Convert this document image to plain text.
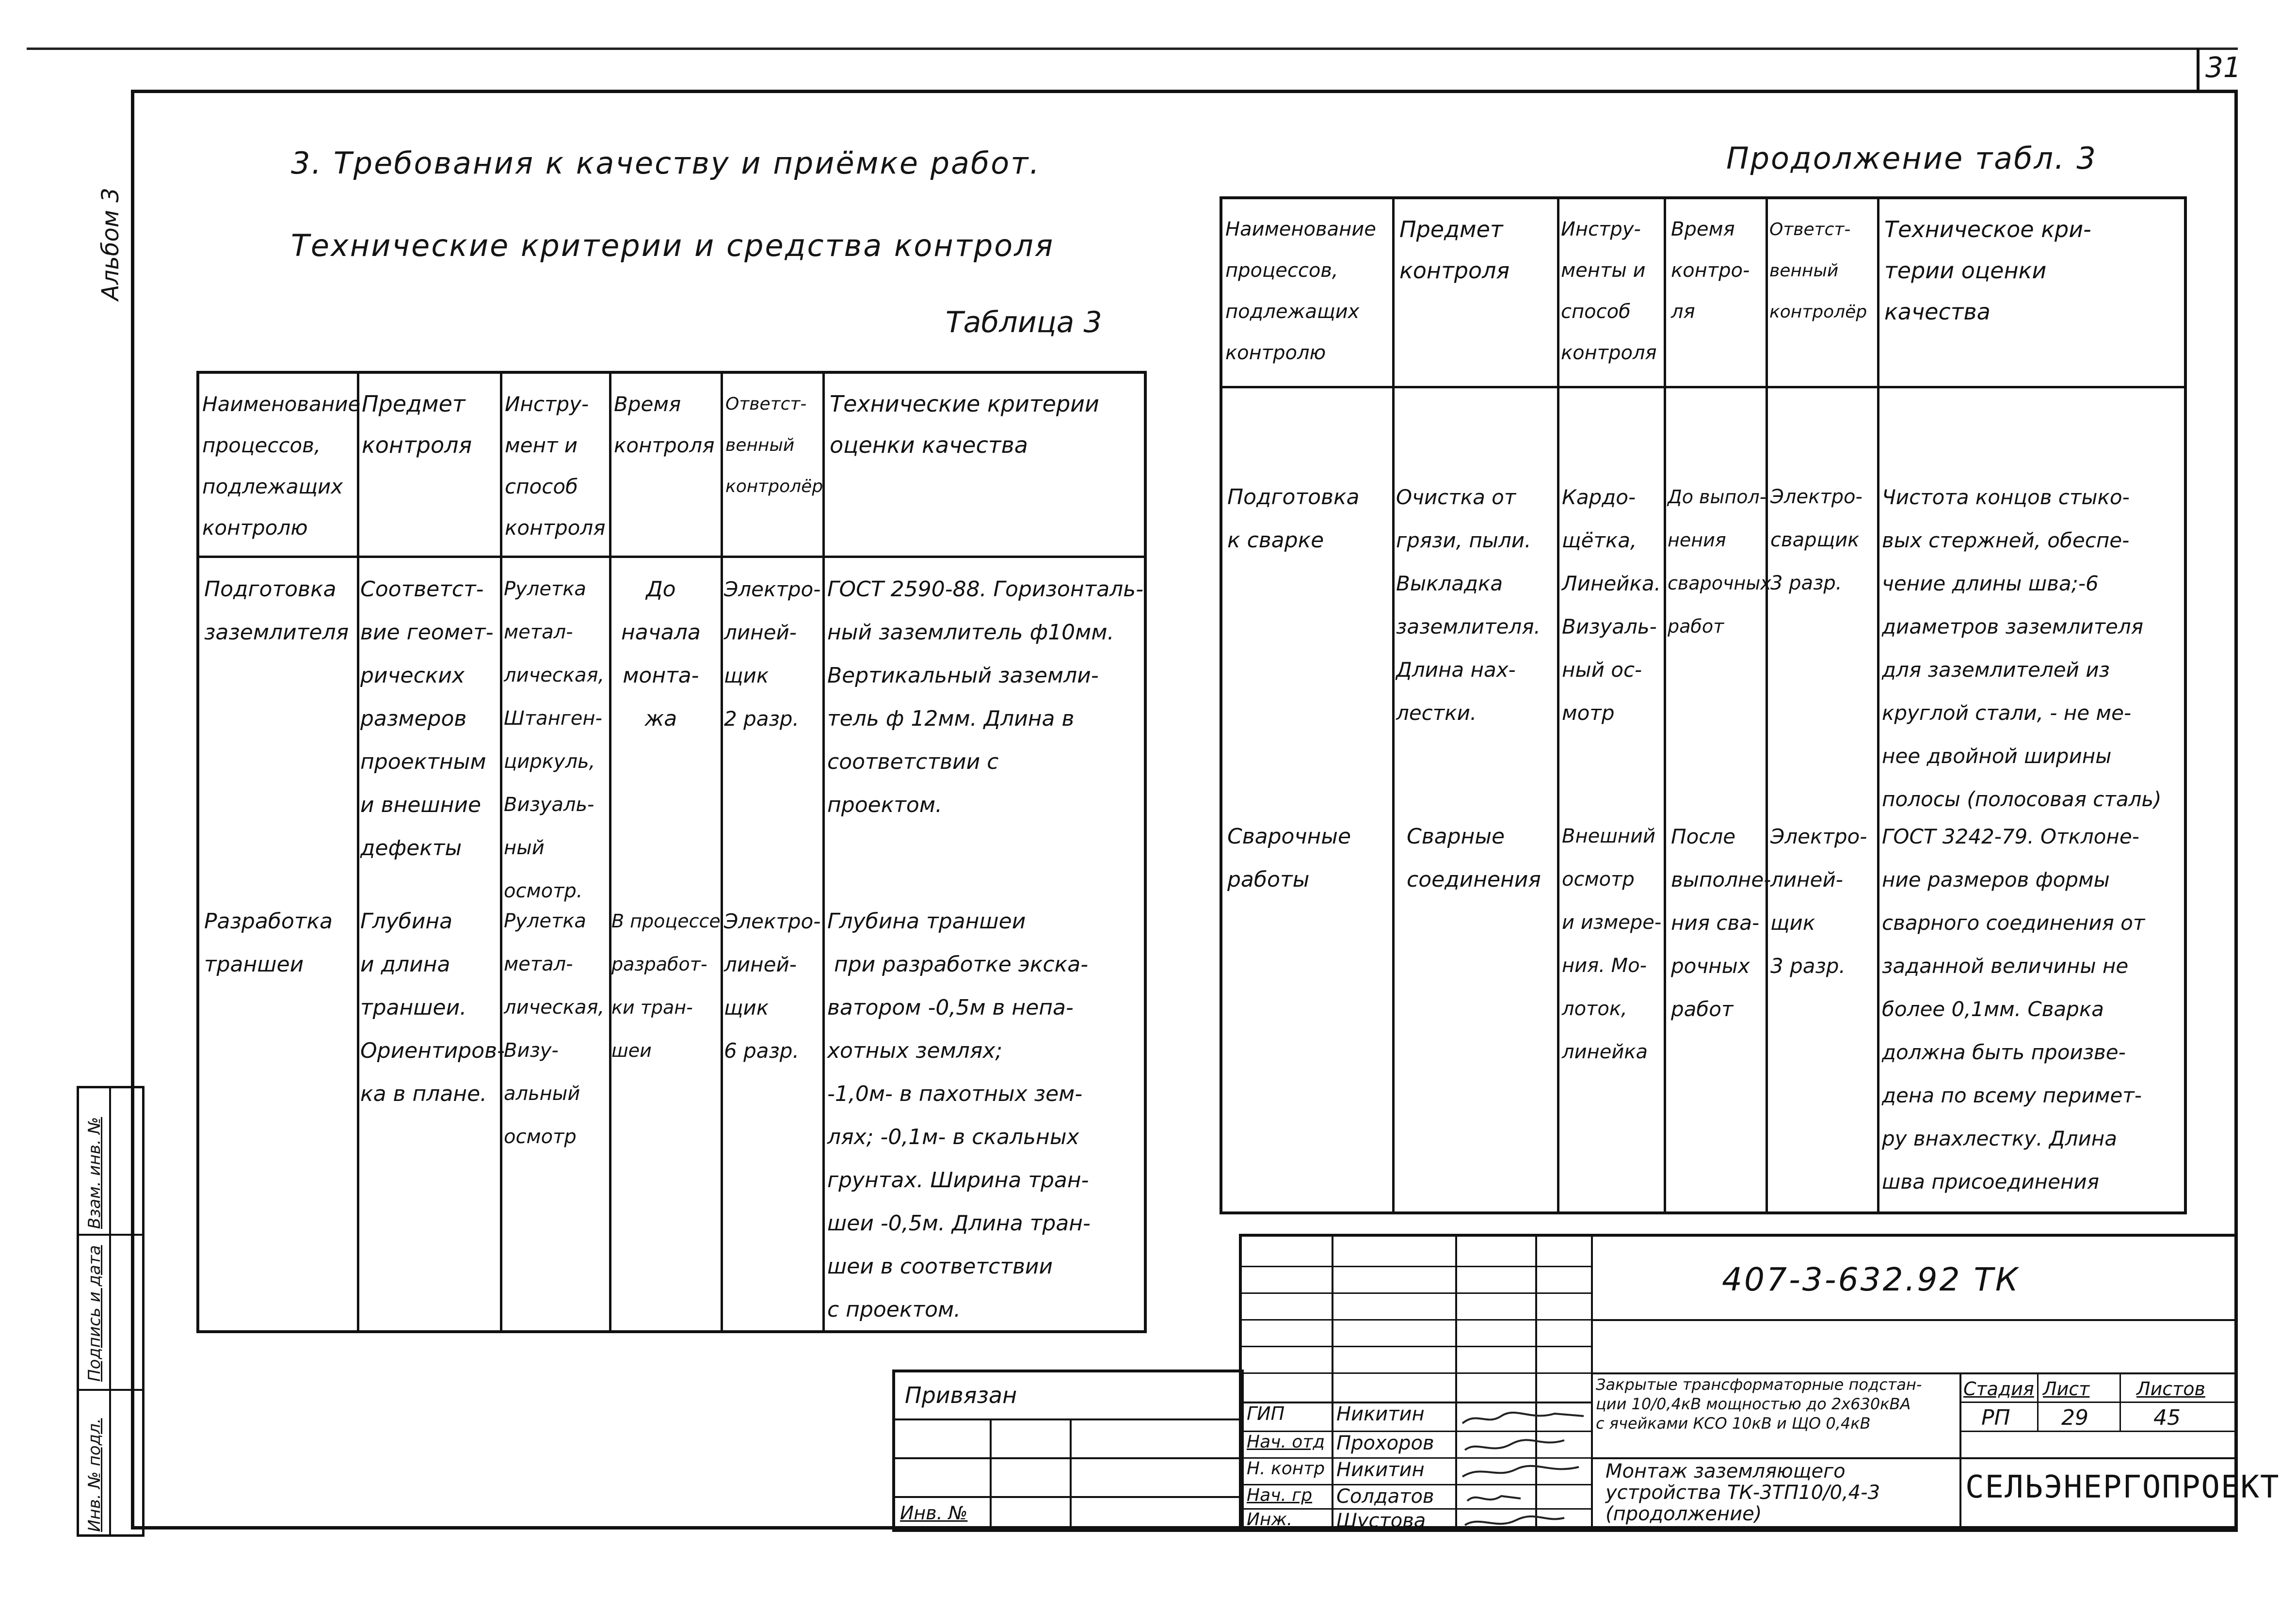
31
Альбом 3
Инв. № подл.
Подпись и дата
Взам. инв. №
3. Требования к качеству и приёмке работ.
Технические критерии и средства контроля
Таблица 3
Продолжение табл. 3
Наименование
процессов,
подлежащих
контролю
Предмет
контроля
Инстру-
мент и
способ
контроля
Время
контроля
Ответст-
венный
контролёр
Технические критерии
оценки качества
Подготовка
заземлителя
Соответст-
вие геомет-
рических
размеров
проектным
и внешние
дефекты
Рулетка
метал-
лическая,
Штанген-
циркуль,
Визуаль-
ный
осмотр.
До
начала
монта-
жа
Электро-
линей-
щик
2 разр.
ГОСТ 2590-88. Горизонталь-
ный заземлитель ф10мм.
Вертикальный заземли-
тель ф 12мм. Длина в
соответствии с
проектом.
Разработка
траншеи
Глубина
и длина
траншеи.
Ориентиров-
ка в плане.
Рулетка
метал-
лическая,
Визу-
альный
осмотр
В процессе
разработ-
ки тран-
шеи
Электро-
линей-
щик
6 разр.
Глубина траншеи
при разработке экска-
ватором -0,5м в непа-
хотных землях;
-1,0м- в пахотных зем-
лях; -0,1м- в скальных
грунтах. Ширина тран-
шеи -0,5м. Длина тран-
шеи в соответствии
с проектом.
Наименование
процессов,
подлежащих
контролю
Предмет
контроля
Инстру-
менты и
способ
контроля
Время
контро-
ля
Ответст-
венный
контролёр
Техническое кри-
терии оценки
качества
Подготовка
к сварке
Очистка от
грязи, пыли.
Выкладка
заземлителя.
Длина нах-
лестки.
Кардо-
щётка,
Линейка.
Визуаль-
ный ос-
мотр
До выпол-
нения
сварочных
работ
Электро-
сварщик
3 разр.
Чистота концов стыко-
вых стержней, обеспе-
чение длины шва;-6
диаметров заземлителя
для заземлителей из
круглой стали, - не ме-
нее двойной ширины
полосы (полосовая сталь)
Сварочные
работы
Сварные
соединения
Внешний
осмотр
и измере-
ния. Мо-
лоток,
линейка
После
выполне-
ния сва-
рочных
работ
Электро-
линей-
щик
3 разр.
ГОСТ 3242-79. Отклоне-
ние размеров формы
сварного соединения от
заданной величины не
более 0,1мм. Сварка
должна быть произве-
дена по всему перимет-
ру внахлестку. Длина
шва присоединения
Привязан
Инв. №
407-3-632.92 ТК
ГИП
Нач. отд
Н. контр
Нач. гр
Инж.
Никитин
Прохоров
Никитин
Солдатов
Шустова
Закрытые трансформаторные подстан-
ции 10/0,4кВ мощностью до 2х630кВА
с ячейками КСО 10кВ и ЩО 0,4кВ
Монтаж заземляющего
устройства ТК-3ТП10/0,4-3
(продолжение)
Стадия Лист	Листов
РП 29	45
СЕЛЬЭНЕРГОПРОЕКТ
